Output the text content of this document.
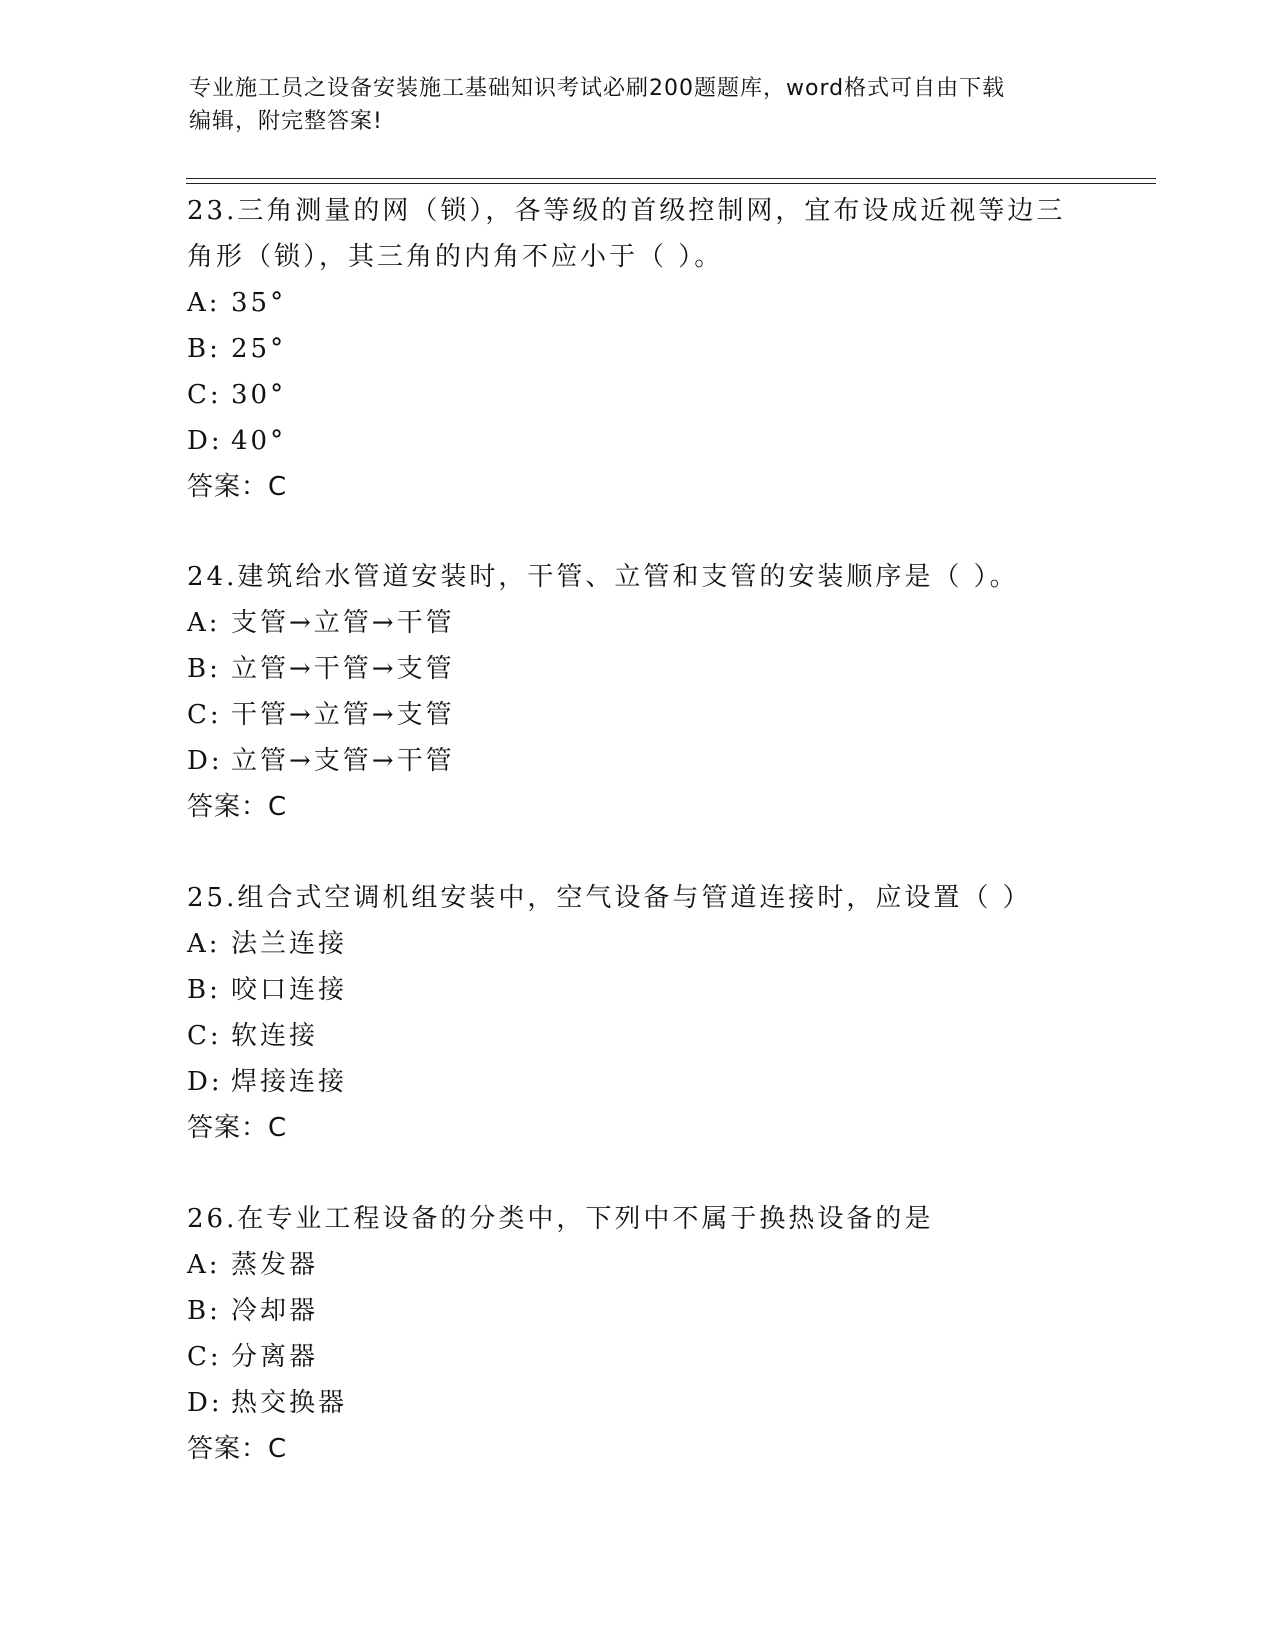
专业施工员之设备安装施工基础知识考试必刷200题题库，word格式可自由下载
编辑，附完整答案!
23.三角测量的网（锁），各等级的首级控制网，宜布设成近视等边三
角形（锁），其三角的内角不应小于（ ）。
A: 35°
B: 25°
C: 30°
D: 40°
答案：C
24.建筑给水管道安装时，干管、立管和支管的安装顺序是（ ）。
A: 支管→立管→干管
B: 立管→干管→支管
C: 干管→立管→支管
D: 立管→支管→干管
答案：C
25.组合式空调机组安装中，空气设备与管道连接时，应设置（ ）
A: 法兰连接
B: 咬口连接
C: 软连接
D: 焊接连接
答案：C
26.在专业工程设备的分类中，下列中不属于换热设备的是
A: 蒸发器
B: 冷却器
C: 分离器
D: 热交换器
答案：C
